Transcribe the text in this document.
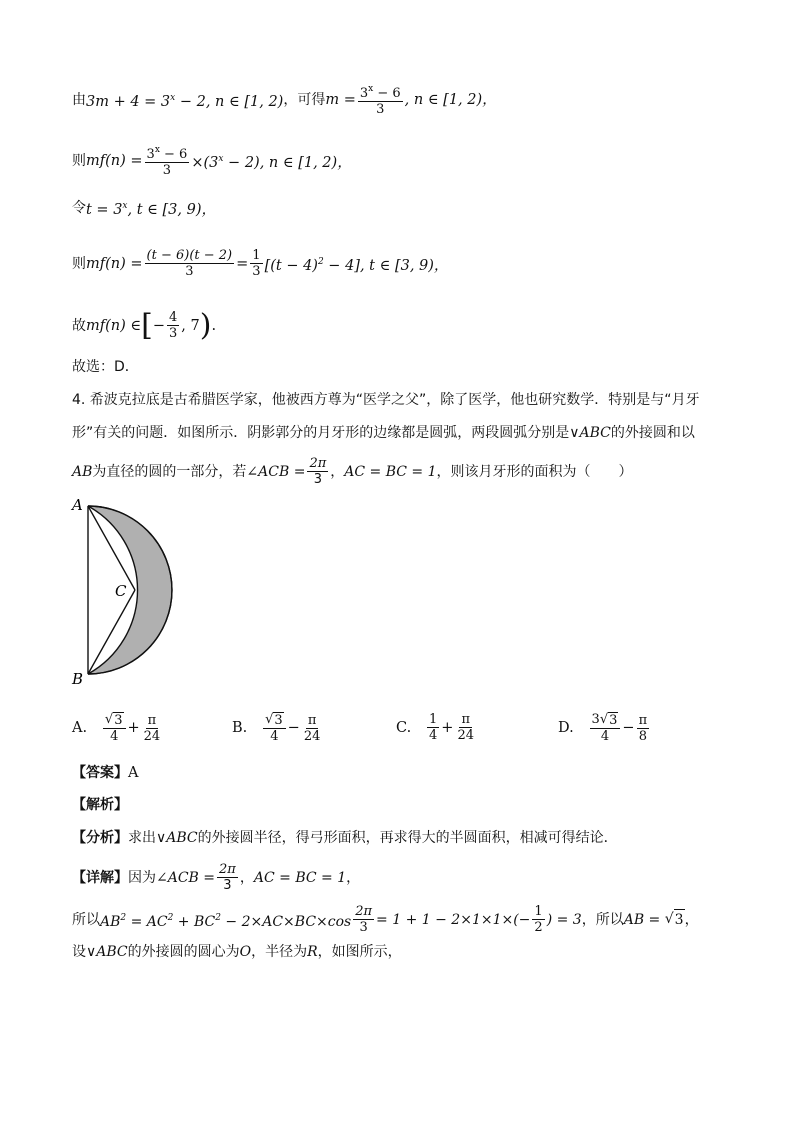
由 $3m + 4 = 3^x - 2$, n ∈ [1, 2) ，可得 $m = \frac{3^x - 6}{3}$ , n ∈ [1, 2)，
则 $mf(n) = \frac{3^x - 6}{3} \times(3^x - 2)$, n ∈ [1, 2)，
令 $t = 3^x$, t ∈ [3, 9)，
则 $mf(n) = \frac{(t - 6)(t - 2)}{3} = \frac{1}{3} [(t - 4)^2 - 4]$, t ∈ [3, 9)，
故 mf(n) ∈ [ − $\frac{4}{3}$ , 7 ) .
故选：D．
4. 希波克拉底是古希腊医学家，他被西方尊为“医学之父”，除了医学，他也研究数学．特别是与“月牙
形”有关的问题．如图所示．阴影郭分的月牙形的边缘都是圆弧，两段圆弧分别是 ∨ABC 的外接圆和以
AB 为直径的圆的一部分，若 ∠ACB = $\frac{2\pi}{3}$ ， AC = BC = 1 ，则该月牙形的面积为（　　）
A
B
C
A.
$\frac{√ 3}{4} + \frac{\pi}{24}$	B.
$\frac{√ 3}{4} - \frac{\pi}{24}$	C.
$\frac{1}{4} + \frac{\pi}{24}$	D.
$\frac{3√ 3}{4} - \frac{\pi}{8}$
【答案】 A
【解析】
【分析】 求出 ∨ABC 的外接圆半径，得弓形面积，再求得大的半圆面积，相减可得结论．
【详解】 因为 ∠ACB = $\frac{2\pi}{3}$ ， AC = BC = 1 ，
所以 $AB^2 = AC^2 + BC^2 - 2\times AC\times BC\times\cos \frac{2\pi}{3} = 1 + 1 - 2\times 1\times 1\times(- \frac{1}{2}$ ) = 3 ，所以 AB =
√ 3 ，
设 ∨ABC 的外接圆的圆心为 O ，半径为 R ，如图所示，
